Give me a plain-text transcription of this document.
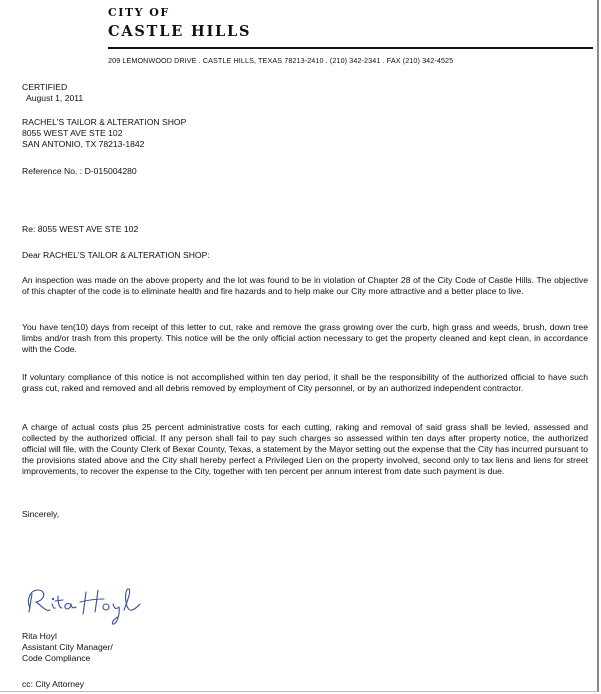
CITY OF
CASTLE HILLS
209 LEMONWOOD DRIVE . CASTLE HILLS, TEXAS 78213-2410 . (210) 342-2341 . FAX (210) 342-4525
CERTIFIED
August 1, 2011
RACHEL'S TAILOR & ALTERATION SHOP
8055 WEST AVE STE 102
SAN ANTONIO, TX 78213-1842
Reference No. : D-015004280
Re: 8055 WEST AVE STE 102
Dear RACHEL'S TAILOR & ALTERATION SHOP:
An inspection was made on the above property and the lot was found to be in violation of Chapter 28 of the City Code of Castle Hills. The objective of this chapter of the code is to eliminate health and fire hazards and to help make our City more attractive and a better place to live.
You have ten(10) days from receipt of this letter to cut, rake and remove the grass growing over the curb, high grass and weeds, brush, down tree limbs and/or trash from this property. This notice will be the only official action necessary to get the property cleaned and kept clean, in accordance with the Code.
If voluntary compliance of this notice is not accomplished within ten day period, it shall be the responsibility of the authorized official to have such grass cut, raked and removed and all debris removed by employment of City personnel, or by an authorized independent contractor.
A charge of actual costs plus 25 percent administrative costs for each cutting, raking and removal of said grass shall be levied, assessed and collected by the authorized official. If any person shall fail to pay such charges so assessed within ten days after property notice, the authorized official will file, with the County Clerk of Bexar County, Texas, a statement by the Mayor setting out the expense that the City has incurred pursuant to the provisions stated above and the City shall hereby perfect a Privileged Lien on the property involved, second only to tax liens and liens for street improvements, to recover the expense to the City, together with ten percent per annum interest from date such payment is due.
Sincerely,
Rita Hoyl
Assistant City Manager/
Code Compliance
cc: City Attorney
